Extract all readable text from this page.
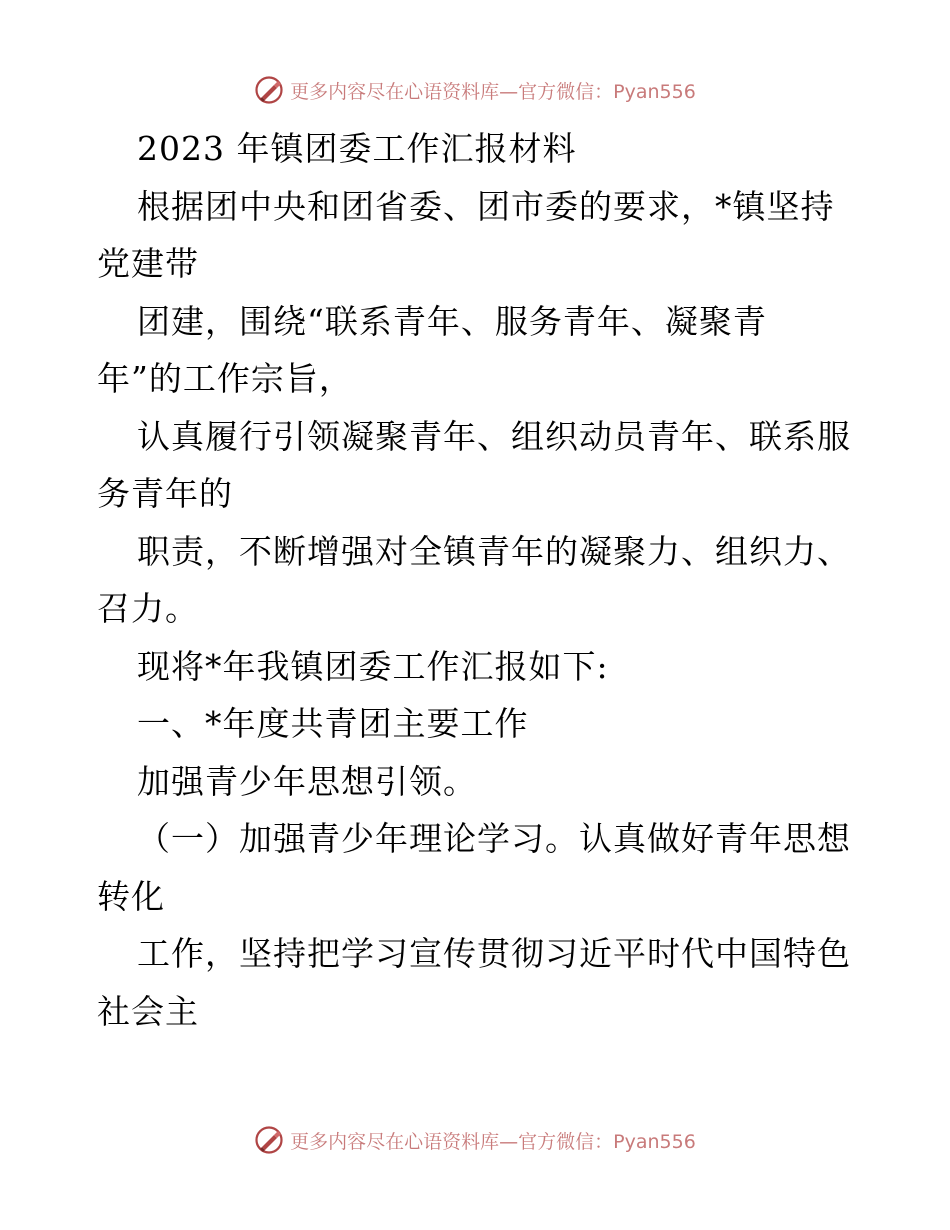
更多内容尽在心语资料库—官方微信：Pyan556
2023 年镇团委工作汇报材料
根据团中央和团省委、团市委的要求，*镇坚持
党建带
团建，围绕“联系青年、服务青年、凝聚青
年”的工作宗旨，
认真履行引领凝聚青年、组织动员青年、联系服
务青年的
职责，不断增强对全镇青年的凝聚力、组织力、
召力。
现将*年我镇团委工作汇报如下:
一、*年度共青团主要工作
加强青少年思想引领。
（一）加强青少年理论学习。认真做好青年思想
转化
工作，坚持把学习宣传贯彻习近平时代中国特色
社会主
更多内容尽在心语资料库—官方微信：Pyan556
